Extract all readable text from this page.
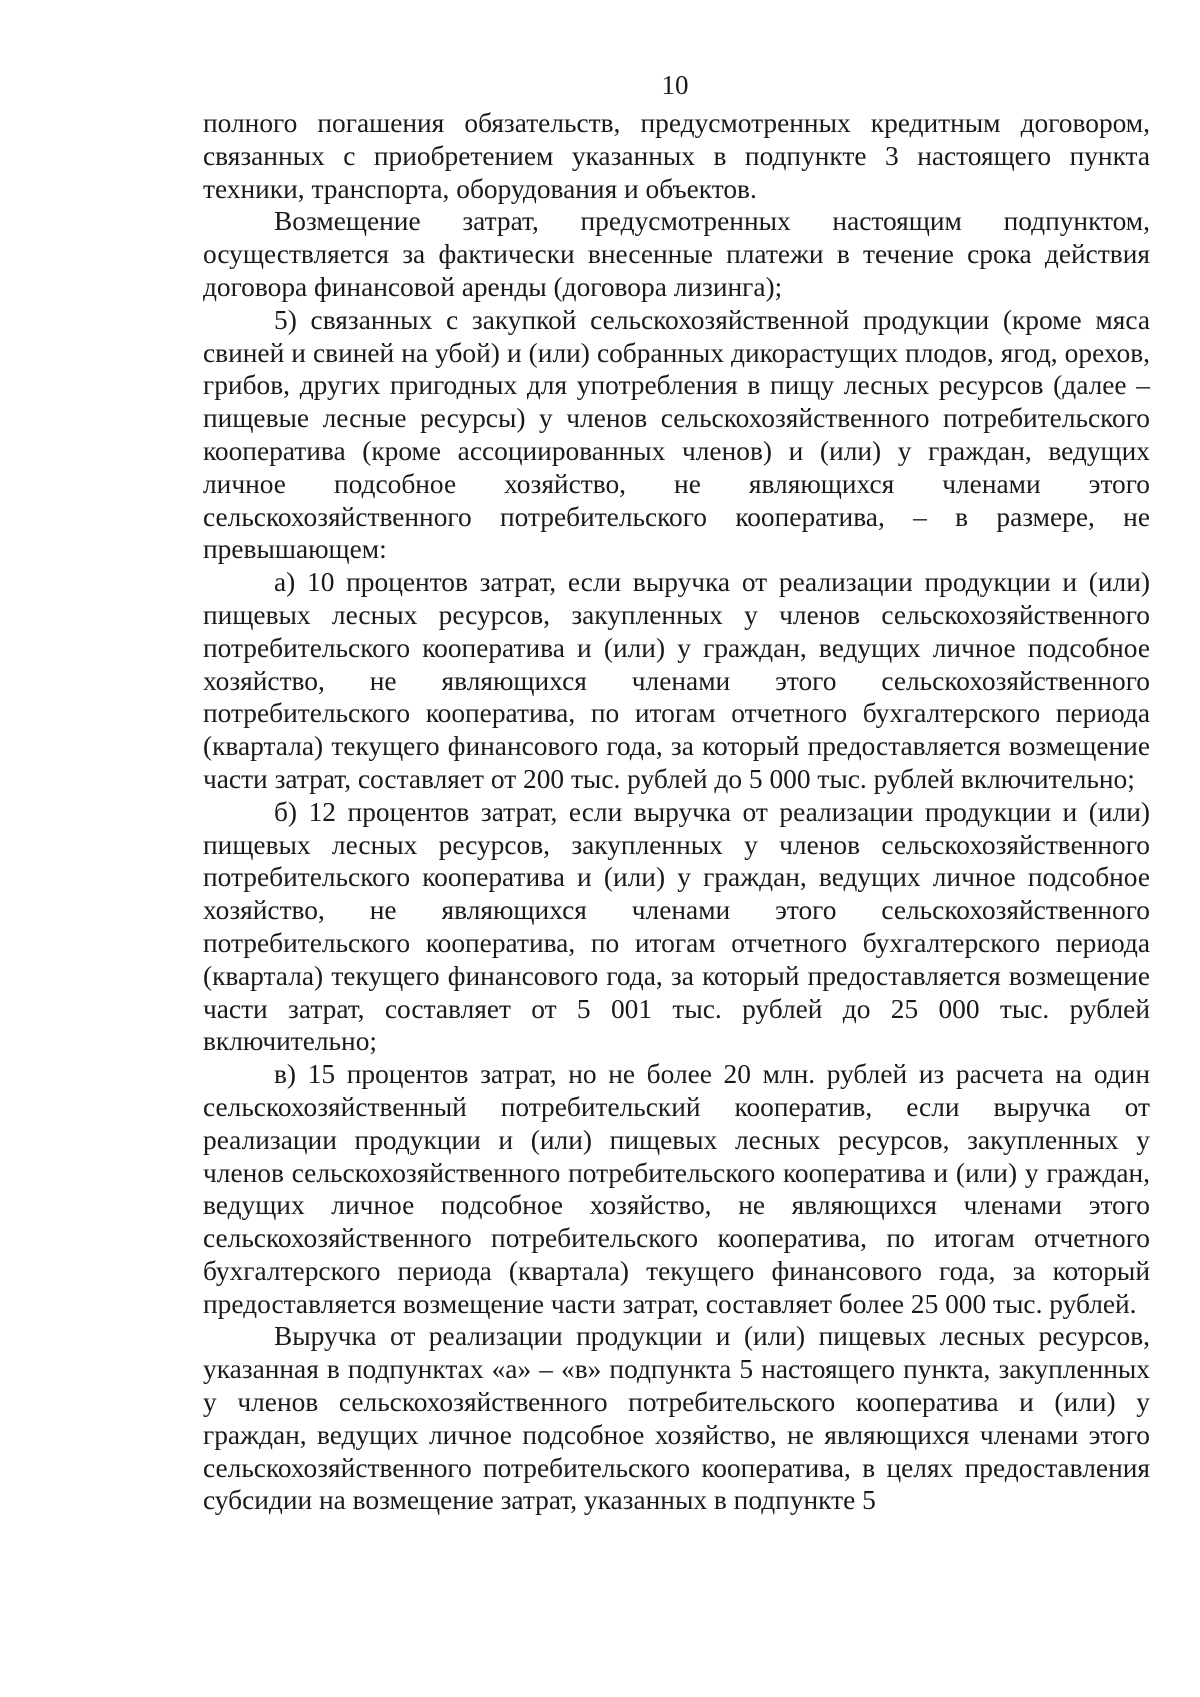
10

полного погашения обязательств, предусмотренных кредитным договором, связанных с приобретением указанных в подпункте 3 настоящего пункта техники, транспорта, оборудования и объектов.

Возмещение затрат, предусмотренных настоящим подпунктом, осуществляется за фактически внесенные платежи в течение срока действия договора финансовой аренды (договора лизинга);

5) связанных с закупкой сельскохозяйственной продукции (кроме мяса свиней и свиней на убой) и (или) собранных дикорастущих плодов, ягод, орехов, грибов, других пригодных для употребления в пищу лесных ресурсов (далее – пищевые лесные ресурсы) у членов сельскохозяйственного потребительского кооператива (кроме ассоциированных членов) и (или) у граждан, ведущих личное подсобное хозяйство, не являющихся членами этого сельскохозяйственного потребительского кооператива, – в размере, не превышающем:

а) 10 процентов затрат, если выручка от реализации продукции и (или) пищевых лесных ресурсов, закупленных у членов сельскохозяйственного потребительского кооператива и (или) у граждан, ведущих личное подсобное хозяйство, не являющихся членами этого сельскохозяйственного потребительского кооператива, по итогам отчетного бухгалтерского периода (квартала) текущего финансового года, за который предоставляется возмещение части затрат, составляет от 200 тыс. рублей до 5 000 тыс. рублей включительно;

б) 12 процентов затрат, если выручка от реализации продукции и (или) пищевых лесных ресурсов, закупленных у членов сельскохозяйственного потребительского кооператива и (или) у граждан, ведущих личное подсобное хозяйство, не являющихся членами этого сельскохозяйственного потребительского кооператива, по итогам отчетного бухгалтерского периода (квартала) текущего финансового года, за который предоставляется возмещение части затрат, составляет от 5 001 тыс. рублей до 25 000 тыс. рублей включительно;

в) 15 процентов затрат, но не более 20 млн. рублей из расчета на один сельскохозяйственный потребительский кооператив, если выручка от реализации продукции и (или) пищевых лесных ресурсов, закупленных у членов сельскохозяйственного потребительского кооператива и (или) у граждан, ведущих личное подсобное хозяйство, не являющихся членами этого сельскохозяйственного потребительского кооператива, по итогам отчетного бухгалтерского периода (квартала) текущего финансового года, за который предоставляется возмещение части затрат, составляет более 25 000 тыс. рублей.

Выручка от реализации продукции и (или) пищевых лесных ресурсов, указанная в подпунктах «а» – «в» подпункта 5 настоящего пункта, закупленных у членов сельскохозяйственного потребительского кооператива и (или) у граждан, ведущих личное подсобное хозяйство, не являющихся членами этого сельскохозяйственного потребительского кооператива, в целях предоставления субсидии на возмещение затрат, указанных в подпункте 5
